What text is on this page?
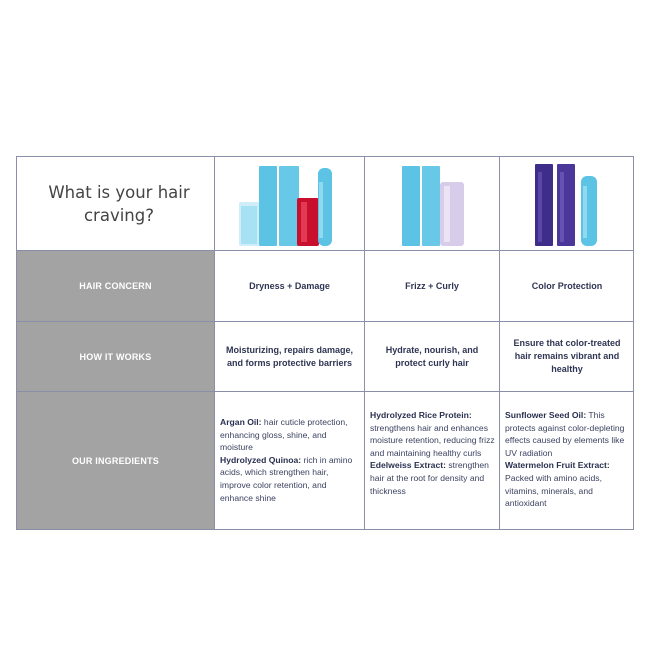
HAIR CONCERN
HOW IT WORKS
OUR INGREDIENTS
What is your hair craving?
Dryness + Damage	Frizz + Curly	Color Protection
Moisturizing, repairs damage, and forms protective barriers
Hydrate, nourish, and protect curly hair
Ensure that color-treated hair remains vibrant and healthy
Argan Oil: hair cuticle protection, enhancing gloss, shine, and moisture
Hydrolyzed Quinoa: rich in amino acids, which strengthen hair, improve color retention, and enhance shine
Hydrolyzed Rice Protein: strengthens hair and enhances moisture retention, reducing frizz and maintaining healthy curls
Edelweiss Extract: strengthen hair at the root for density and thickness
Sunflower Seed Oil: This protects against color-depleting effects caused by elements like UV radiation
Watermelon Fruit Extract: Packed with amino acids, vitamins, minerals, and antioxidant
